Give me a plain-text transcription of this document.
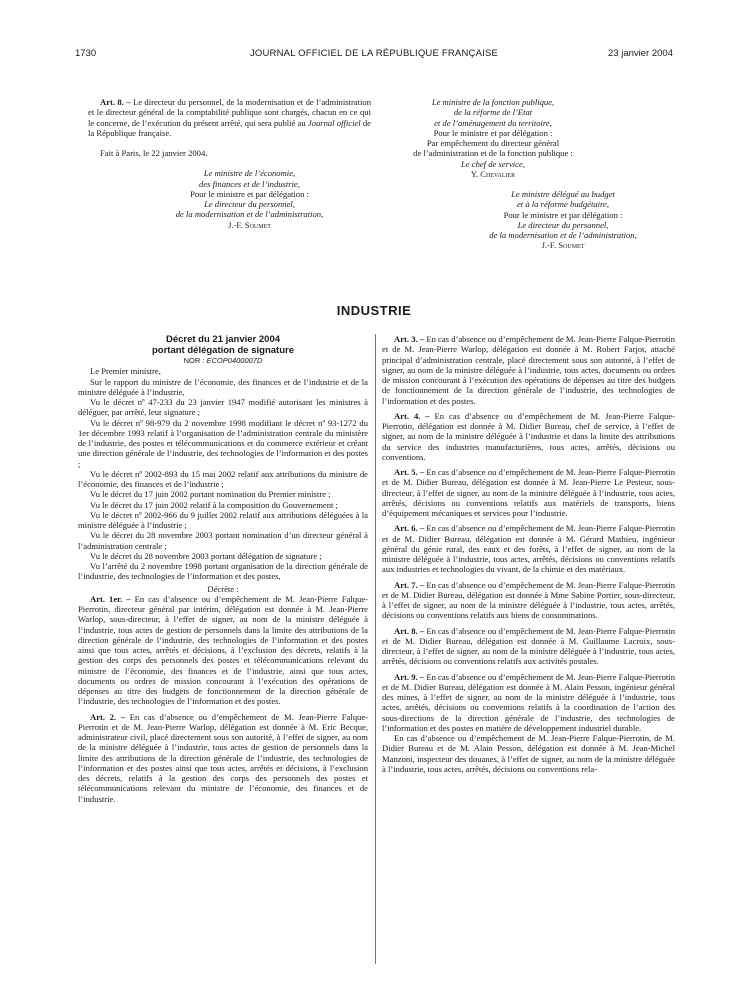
1730	JOURNAL OFFICIEL DE LA RÉPUBLIQUE FRANÇAISE	23 janvier 2004

Art. 8. – Le directeur du personnel, de la modernisation et de l’administration et le directeur général de la comptabilité publique sont chargés, chacun en ce qui le concerne, de l’exécution du présent arrêté, qui sera publié au Journal officiel de la République française.

Fait à Paris, le 22 janvier 2004.

Le ministre de l’économie,

des finances et de l’industrie,

Pour le ministre et par délégation :

Le directeur du personnel,

de la modernisation et de l’administration,

J.-F. Soumet

Le ministre de la fonction publique,

de la réforme de l’Etat

et de l’aménagement du territoire,

Pour le ministre et par délégation :

Par empêchement du directeur général

de l’administration et de la fonction publique :

Le chef de service,

Y. Chevalier

Le ministre délégué au budget

et à la réforme budgétaire,

Pour le ministre et par délégation :

Le directeur du personnel,

de la modernisation et de l’administration,

J.-F. Soumet

INDUSTRIE

Décret du 21 janvier 2004

portant délégation de signature

NOR : ECOP0400007D

Le Premier ministre,

Sur le rapport du ministre de l’économie, des finances et de l’industrie et de la ministre déléguée à l’industrie,

Vu le décret nº 47-233 du 23 janvier 1947 modifié autorisant les ministres à déléguer, par arrêté, leur signature ;

Vu le décret nº 98-979 du 2 novembre 1998 modifiant le décret nº 93-1272 du 1er décembre 1993 relatif à l’organisation de l’administration centrale du ministère de l’industrie, des postes et télécommunications et du commerce extérieur et créant une direction générale de l’industrie, des technologies de l’information et des postes ;

Vu le décret nº 2002-893 du 15 mai 2002 relatif aux attributions du ministre de l’économie, des finances et de l’industrie ;

Vu le décret du 17 juin 2002 portant nomination du Premier ministre ;

Vu le décret du 17 juin 2002 relatif à la composition du Gouvernement ;

Vu le décret nº 2002-966 du 9 juillet 2002 relatif aux attributions déléguées à la ministre déléguée à l’industrie ;

Vu le décret du 28 novembre 2003 portant nomination d’un directeur général à l’administration centrale ;

Vu le décret du 28 novembre 2003 portant délégation de signature ;

Vu l’arrêté du 2 novembre 1998 portant organisation de la direction générale de l’industrie, des technologies de l’information et des postes,

Décrète :

Art. 1er. – En cas d’absence ou d’empêchement de M. Jean-Pierre Falque-Pierrotin, directeur général par intérim, délégation est donnée à M. Jean-Pierre Warlop, sous-directeur, à l’effet de signer, au nom de la ministre déléguée à l’industrie, tous actes de gestion de personnels dans la limite des attributions de la direction générale de l’industrie, des technologies de l’information et des postes ainsi que tous actes, arrêtés et décisions, à l’exclusion des décrets, relatifs à la gestion des corps des personnels des postes et télécommunications relevant du ministre de l’économie, des finances et de l’industrie, ainsi que tous actes, documents ou ordres de mission concourant à l’exécution des opérations de dépenses au titre des budgets de fonctionnement de la direction générale de l’industrie, des technologies de l’information et des postes.

Art. 2. – En cas d’absence ou d’empêchement de M. Jean-Pierre Falque-Pierrotin et de M. Jean-Pierre Warlop, délégation est donnée à M. Eric Becque, administrateur civil, placé directement sous son autorité, à l’effet de signer, au nom de la ministre déléguée à l’industrie, tous actes de gestion de personnels dans la limite des attributions de la direction générale de l’industrie, des technologies de l’information et des postes ainsi que tous actes, arrêtés et décisions, à l’exclusion des décrets, relatifs à la gestion des corps des personnels des postes et télécommunications relevant du ministre de l’économie, des finances et de l’industrie.

Art. 3. – En cas d’absence ou d’empêchement de M. Jean-Pierre Falque-Pierrotin et de M. Jean-Pierre Warlop, délégation est donnée à M. Robert Farjot, attaché principal d’administration centrale, placé directement sous son autorité, à l’effet de signer, au nom de la ministre déléguée à l’industrie, tous actes, documents ou ordres de mission concourant à l’exécution des opérations de dépenses au titre des budgets de fonctionnement de la direction générale de l’industrie, des technologies de l’information et des postes.

Art. 4. – En cas d’absence ou d’empêchement de M. Jean-Pierre Falque-Pierrotin, délégation est donnée à M. Didier Bureau, chef de service, à l’effet de signer, au nom de la ministre déléguée à l’industrie et dans la limite des attributions du service des industries manufacturières, tous actes, arrêtés, décisions ou conventions.

Art. 5. – En cas d’absence ou d’empêchement de M. Jean-Pierre Falque-Pierrotin et de M. Didier Bureau, délégation est donnée à M. Jean-Pierre Le Pesteur, sous-directeur, à l’effet de signer, au nom de la ministre déléguée à l’industrie, tous actes, arrêtés, décisions ou conventions relatifs aux matériels de transports, biens d’équipement mécaniques et services pour l’industrie.

Art. 6. – En cas d’absence ou d’empêchement de M. Jean-Pierre Falque-Pierrotin et de M. Didier Bureau, délégation est donnée à M. Gérard Mathieu, ingénieur général du génie rural, des eaux et des forêts, à l’effet de signer, au nom de la ministre déléguée à l’industrie, tous actes, arrêtés, décisions ou conventions relatifs aux industries et technologies du vivant, de la chimie et des matériaux.

Art. 7. – En cas d’absence ou d’empêchement de M. Jean-Pierre Falque-Pierrotin et de M. Didier Bureau, délégation est donnée à Mme Sabine Portier, sous-directeur, à l’effet de signer, au nom de la ministre déléguée à l’industrie, tous actes, arrêtés, décisions ou conventions relatifs aux biens de consommations.

Art. 8. – En cas d’absence ou d’empêchement de M. Jean-Pierre Falque-Pierrotin et de M. Didier Bureau, délégation est donnée à M. Guillaume Lacroix, sous-directeur, à l’effet de signer, au nom de la ministre déléguée à l’industrie, tous actes, arrêtés, décisions ou conventions relatifs aux activités postales.

Art. 9. – En cas d’absence ou d’empêchement de M. Jean-Pierre Falque-Pierrotin et de M. Didier Bureau, délégation est donnée à M. Alain Pesson, ingénieur général des mines, à l’effet de signer, au nom de la ministre déléguée à l’industrie, tous actes, arrêtés, décisions ou conventions relatifs à la coordination de l’action des sous-directions de la direction générale de l’industrie, des technologies de l’information et des postes en matière de développement industriel durable.

En cas d’absence ou d’empêchement de M. Jean-Pierre Falque-Pierrotin, de M. Didier Bureau et de M. Alain Pesson, délégation est donnée à M. Jean-Michel Manzoni, inspecteur des douanes, à l’effet de signer, au nom de la ministre déléguée à l’industrie, tous actes, arrêtés, décisions ou conventions rela-
